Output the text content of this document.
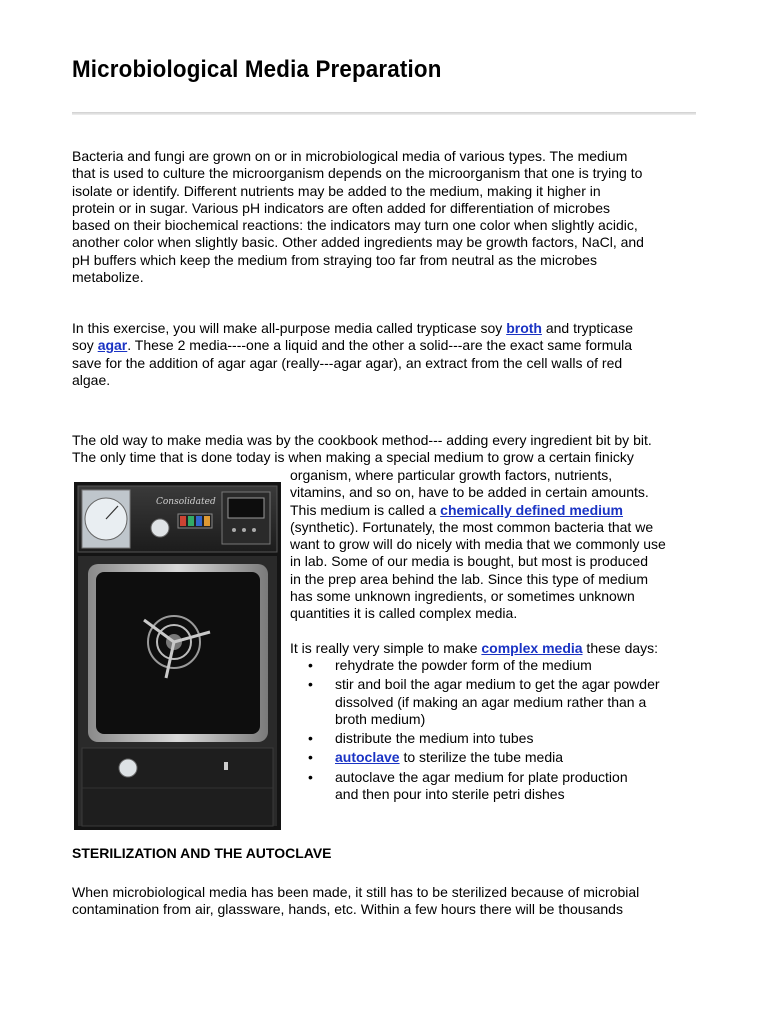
Microbiological Media Preparation

Bacteria and fungi are grown on or in microbiological media of various types. The medium
that is used to culture the microorganism depends on the microorganism that one is trying to
isolate or identify. Different nutrients may be added to the medium, making it higher in
protein or in sugar. Various pH indicators are often added for differentiation of microbes
based on their biochemical reactions: the indicators may turn one color when slightly acidic,
another color when slightly basic. Other added ingredients may be growth factors, NaCl, and
pH buffers which keep the medium from straying too far from neutral as the microbes
metabolize.

In this exercise, you will make all-purpose media called trypticase soy broth and trypticase
soy agar. These 2 media----one a liquid and the other a solid---are the exact same formula
save for the addition of agar agar (really---agar agar), an extract from the cell walls of red
algae.

The old way to make media was by the cookbook method--- adding every ingredient bit by bit.
The only time that is done today is when making a special medium to grow a certain finicky

organism, where particular growth factors, nutrients,
vitamins, and so on, have to be added in certain amounts.
This medium is called a chemically defined medium
(synthetic). Fortunately, the most common bacteria that we
want to grow will do nicely with media that we commonly use
in lab. Some of our media is bought, but most is produced
in the prep area behind the lab. Since this type of medium
has some unknown ingredients, or sometimes unknown
quantities it is called complex media.

It is really very simple to make complex media these days:

• rehydrate the powder form of the medium
• stir and boil the agar medium to get the agar powder
dissolved (if making an agar medium rather than a
broth medium)
• distribute the medium into tubes
• autoclave to sterilize the tube media
• autoclave the agar medium for plate production
and then pour into sterile petri dishes
Consolidated
STERILIZATION AND THE AUTOCLAVE

When microbiological media has been made, it still has to be sterilized because of microbial
contamination from air, glassware, hands, etc. Within a few hours there will be thousands
